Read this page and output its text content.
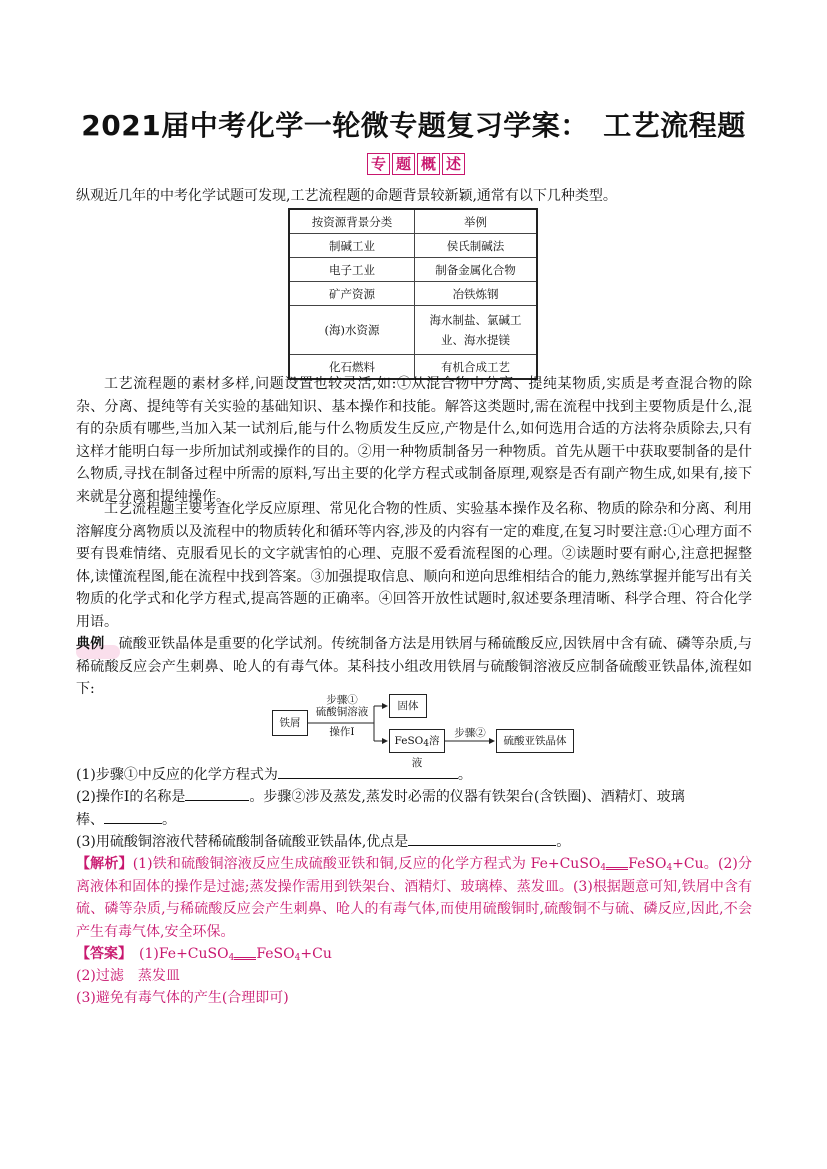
2021届中考化学一轮微专题复习学案：　工艺流程题
专 题 概 述

纵观近几年的中考化学试题可发现,工艺流程题的命题背景较新颖,通常有以下几种类型。

按资源背景分类	举例
制碱工业	侯氏制碱法
电子工业	制备金属化合物
矿产资源	冶铁炼钢
(海)水资源	海水制盐、氯碱工业、海水提镁
化石燃料	有机合成工艺

工艺流程题的素材多样,问题设置也较灵活,如:①从混合物中分离、提纯某物质,实质是考查混合物的除杂、分离、提纯等有关实验的基础知识、基本操作和技能。解答这类题时,需在流程中找到主要物质是什么,混有的杂质有哪些,当加入某一试剂后,能与什么物质发生反应,产物是什么,如何选用合适的方法将杂质除去,只有这样才能明白每一步所加试剂或操作的目的。②用一种物质制备另一种物质。首先从题干中获取要制备的是什么物质,寻找在制备过程中所需的原料,写出主要的化学方程式或制备原理,观察是否有副产物生成,如果有,接下来就是分离和提纯操作。

工艺流程题主要考查化学反应原理、常见化合物的性质、实验基本操作及名称、物质的除杂和分离、利用溶解度分离物质以及流程中的物质转化和循环等内容,涉及的内容有一定的难度,在复习时要注意:①心理方面不要有畏难情绪、克服看见长的文字就害怕的心理、克服不爱看流程图的心理。②读题时要有耐心,注意把握整体,读懂流程图,能在流程中找到答案。③加强提取信息、顺向和逆向思维相结合的能力,熟练掌握并能写出有关物质的化学式和化学方程式,提高答题的正确率。④回答开放性试题时,叙述要条理清晰、科学合理、符合化学用语。

典例　 硫酸亚铁晶体是重要的化学试剂。传统制备方法是用铁屑与稀硫酸反应,因铁屑中含有硫、磷等杂质,与稀硫酸反应会产生刺鼻、呛人的有毒气体。某科技小组改用铁屑与硫酸铜溶液反应制备硫酸亚铁晶体,流程如下:

铁屑
步骤①
硫酸铜溶液
操作Ⅰ
固体
FeSO$_4$溶液
步骤②
硫酸亚铁晶体

(1)步骤①中反应的化学方程式为	。

(2)操作Ⅰ的名称是	。步骤②涉及蒸发,蒸发时必需的仪器有铁架台(含铁圈)、酒精灯、玻璃
棒、	。

(3)用硫酸铜溶液代替稀硫酸制备硫酸亚铁晶体,优点是	。

【解析】(1)铁和硫酸铜溶液反应生成硫酸亚铁和铜,反应的化学方程式为 Fe+CuSO$_4$ FeSO$_4$+Cu。(2)分离液体和固体的操作是过滤;蒸发操作需用到铁架台、酒精灯、玻璃棒、蒸发皿。(3)根据题意可知,铁屑中含有硫、磷等杂质,与稀硫酸反应会产生刺鼻、呛人的有毒气体,而使用硫酸铜时,硫酸铜不与硫、磷反应,因此,不会产生有毒气体,安全环保。

【答案】　 (1)Fe+CuSO$_4$ FeSO$_4$+Cu

(2)过滤　蒸发皿

(3)避免有毒气体的产生(合理即可)
